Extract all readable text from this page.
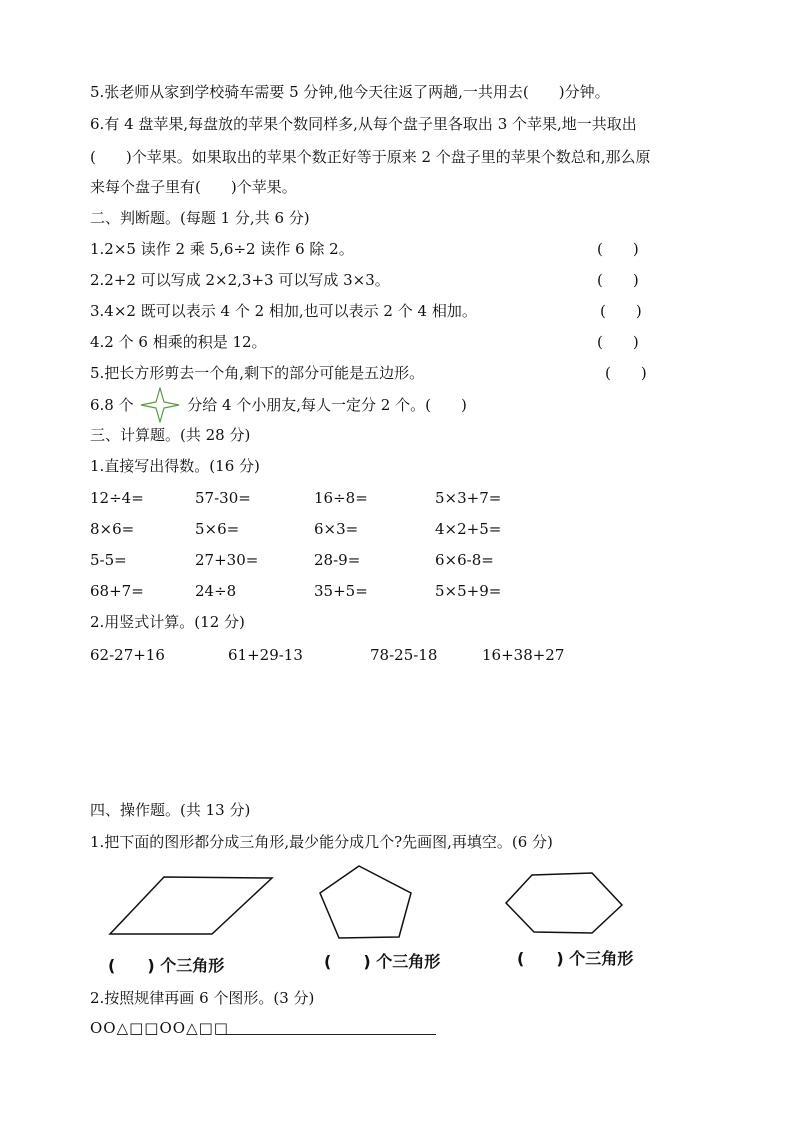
5.张老师从家到学校骑车需要 5 分钟,他今天往返了两趟,一共用去(　　)分钟。
6.有 4 盘苹果,每盘放的苹果个数同样多,从每个盘子里各取出 3 个苹果,地一共取出
(　　)个苹果。如果取出的苹果个数正好等于原来 2 个盘子里的苹果个数总和,那么原
来每个盘子里有(　　)个苹果。
二、判断题。(每题 1 分,共 6 分)
1.2×5 读作 2 乘 5,6÷2 读作 6 除 2。	(　　)
2.2+2 可以写成 2×2,3+3 可以写成 3×3。	(　　)
3.4×2 既可以表示 4 个 2 相加,也可以表示 2 个 4 相加。	(　　)
4.2 个 6 相乘的积是 12。	(　　)
5.把长方形剪去一个角,剩下的部分可能是五边形。	(　　)
6.8 个	分给 4 个小朋友,每人一定分 2 个。(　　)
三、计算题。(共 28 分)
1.直接写出得数。(16 分)
12÷4=	57-30=	16÷8=	5×3+7=
8×6=	5×6=	6×3=	4×2+5=
5-5=	27+30=	28-9=	6×6-8=
68+7=	24÷8	35+5=	5×5+9=
2.用竖式计算。(12 分)
62-27+16	61+29-13	78-25-18	16+38+27
四、操作题。(共 13 分)
1.把下面的图形都分成三角形,最少能分成几个?先画图,再填空。(6 分)
(　　) 个三角形	(　　) 个三角形	(　　) 个三角形
2.按照规律再画 6 个图形。(3 分)
OO△□□OO△□□
